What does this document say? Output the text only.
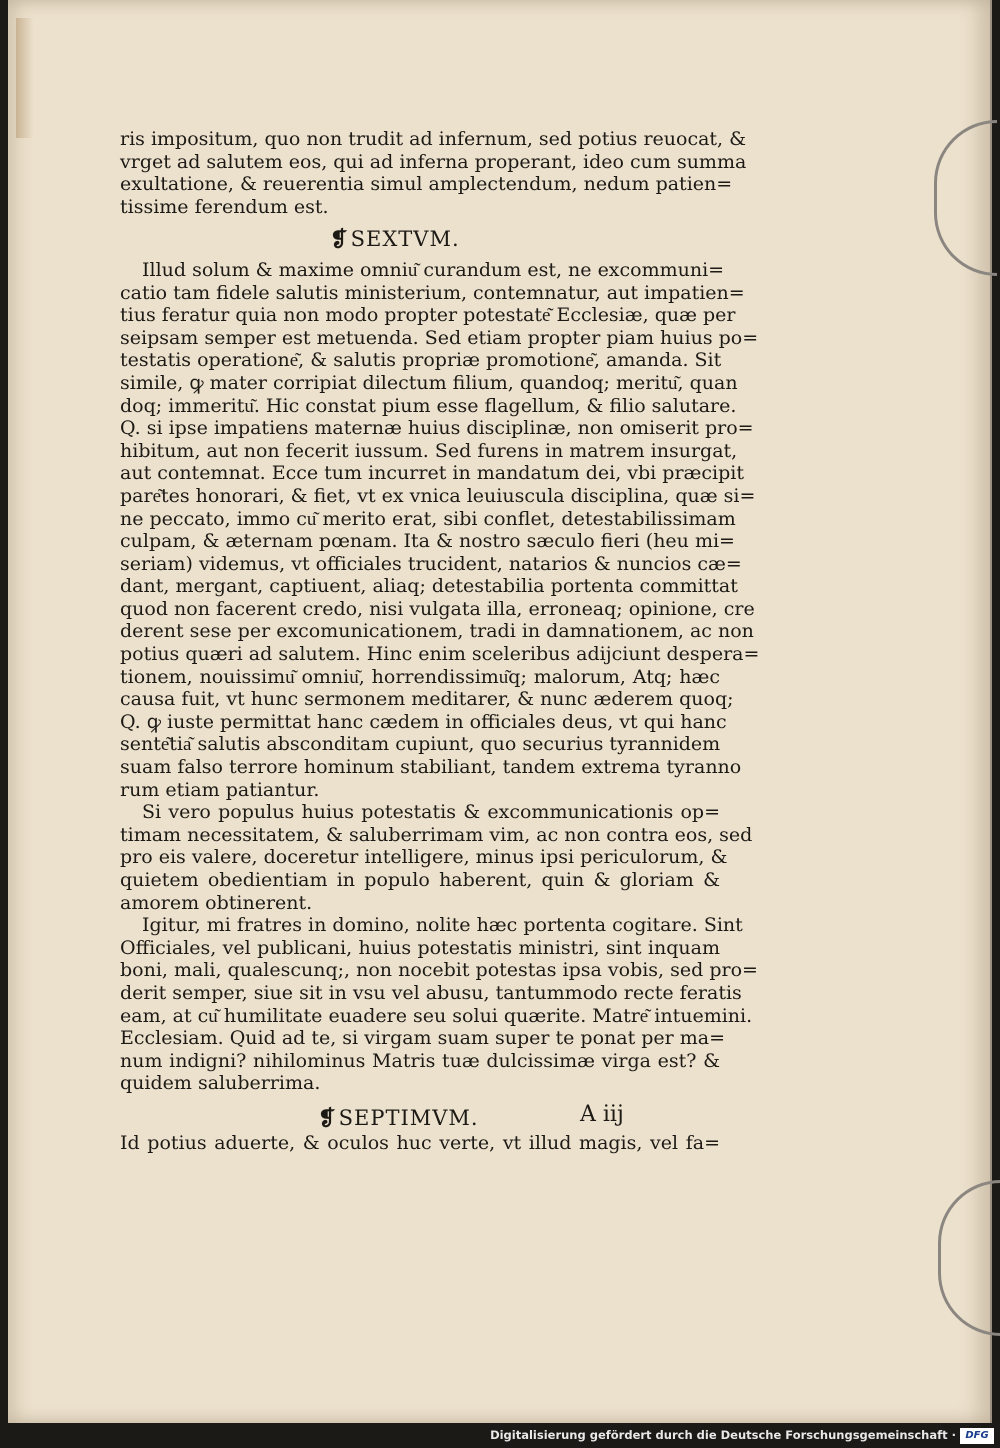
ris impositum, quo non trudit ad infernum, sed potius reuocat, &
vrget ad salutem eos, qui ad inferna properant, ideo cum summa
exultatione, & reuerentia simul amplectendum, nedum patien=
tissime ferendum est.
❡SEXTVM.
Illud solum & maxime omniu͂ curandum est, ne excommuni=
catio tam fidele salutis ministerium, contemnatur, aut impatien=
tius feratur quia non modo propter potestate͂ Ecclesiæ, quæ per
seipsam semper est metuenda. Sed etiam propter piam huius po=
testatis operatione͂, & salutis propriæ promotione͂, amanda. Sit
simile, ꝙ mater corripiat dilectum filium, quandoq; meritu͂, quan
doq; immeritu͂. Hic constat pium esse flagellum, & filio salutare.
Q. si ipse impatiens maternæ huius disciplinæ, non omiserit pro=
hibitum, aut non fecerit iussum. Sed furens in matrem insurgat,
aut contemnat. Ecce tum incurret in mandatum dei, vbi præcipit
pare͂tes honorari, & fiet, vt ex vnica leuiuscula disciplina, quæ si=
ne peccato, immo cu͂ merito erat, sibi conflet, detestabilissimam
culpam, & æternam pœnam. Ita & nostro sæculo fieri (heu mi=
seriam) videmus, vt officiales trucident, natarios & nuncios cæ=
dant, mergant, captiuent, aliaq; detestabilia portenta committat
quod non facerent credo, nisi vulgata illa, erroneaq; opinione, cre
derent sese per excomunicationem, tradi in damnationem, ac non
potius quæri ad salutem. Hinc enim sceleribus adijciunt despera=
tionem, nouissimu͂ omniu͂, horrendissimu͂q; malorum, Atq; hæc
causa fuit, vt hunc sermonem meditarer, & nunc æderem quoq;
Q. ꝙ iuste permittat hanc cædem in officiales deus, vt qui hanc
sente͂tia͂ salutis absconditam cupiunt, quo securius tyrannidem
suam falso terrore hominum stabiliant, tandem extrema tyranno
rum etiam patiantur.
Si vero populus huius potestatis & excommunicationis op=
timam necessitatem, & saluberrimam vim, ac non contra eos, sed
pro eis valere, doceretur intelligere, minus ipsi periculorum, &
quietem obedientiam in populo haberent, quin & gloriam &
amorem obtinerent.
Igitur, mi fratres in domino, nolite hæc portenta cogitare. Sint
Officiales, vel publicani, huius potestatis ministri, sint inquam
boni, mali, qualescunq;, non nocebit potestas ipsa vobis, sed pro=
derit semper, siue sit in vsu vel abusu, tantummodo recte feratis
eam, at cu͂ humilitate euadere seu solui quærite. Matre͂ intuemini.
Ecclesiam. Quid ad te, si virgam suam super te ponat per ma=
num indigni? nihilominus Matris tuæ dulcissimæ virga est? &
quidem saluberrima.
❡SEPTIMVM.
Id potius aduerte, & oculos huc verte, vt illud magis, vel fa=
A iij
Digitalisierung gefördert durch die Deutsche Forschungsgemeinschaft · DFG
